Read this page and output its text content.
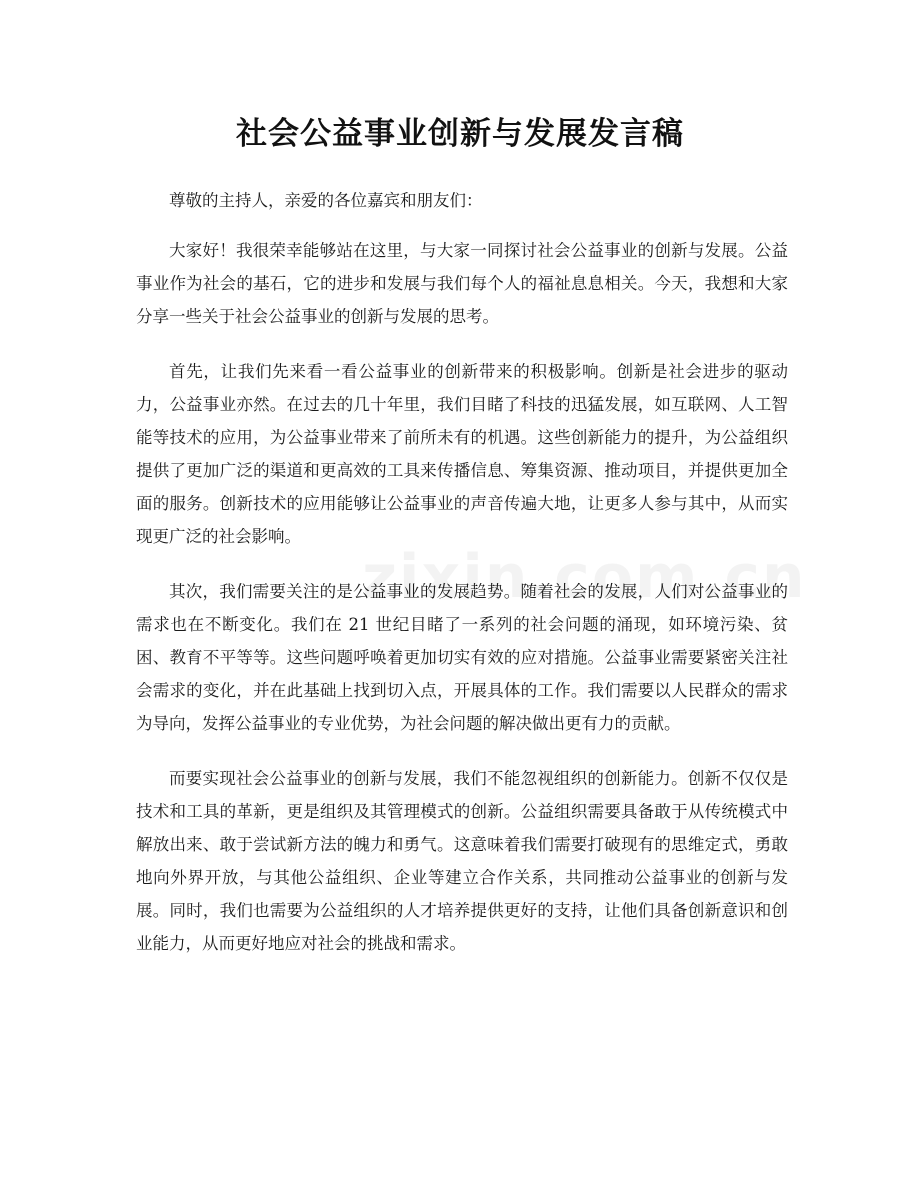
社会公益事业创新与发展发言稿

尊敬的主持人，亲爱的各位嘉宾和朋友们：

大家好！我很荣幸能够站在这里，与大家一同探讨社会公益事业的创新与发展。公益事业作为社会的基石，它的进步和发展与我们每个人的福祉息息相关。今天，我想和大家分享一些关于社会公益事业的创新与发展的思考。

首先，让我们先来看一看公益事业的创新带来的积极影响。创新是社会进步的驱动力，公益事业亦然。在过去的几十年里，我们目睹了科技的迅猛发展，如互联网、人工智能等技术的应用，为公益事业带来了前所未有的机遇。这些创新能力的提升，为公益组织提供了更加广泛的渠道和更高效的工具来传播信息、筹集资源、推动项目，并提供更加全面的服务。创新技术的应用能够让公益事业的声音传遍大地，让更多人参与其中，从而实现更广泛的社会影响。

其次，我们需要关注的是公益事业的发展趋势。随着社会的发展，人们对公益事业的需求也在不断变化。我们在 21 世纪目睹了一系列的社会问题的涌现，如环境污染、贫困、教育不平等等。这些问题呼唤着更加切实有效的应对措施。公益事业需要紧密关注社会需求的变化，并在此基础上找到切入点，开展具体的工作。我们需要以人民群众的需求为导向，发挥公益事业的专业优势，为社会问题的解决做出更有力的贡献。

而要实现社会公益事业的创新与发展，我们不能忽视组织的创新能力。创新不仅仅是技术和工具的革新，更是组织及其管理模式的创新。公益组织需要具备敢于从传统模式中解放出来、敢于尝试新方法的魄力和勇气。这意味着我们需要打破现有的思维定式，勇敢地向外界开放，与其他公益组织、企业等建立合作关系，共同推动公益事业的创新与发展。同时，我们也需要为公益组织的人才培养提供更好的支持，让他们具备创新意识和创业能力，从而更好地应对社会的挑战和需求。
